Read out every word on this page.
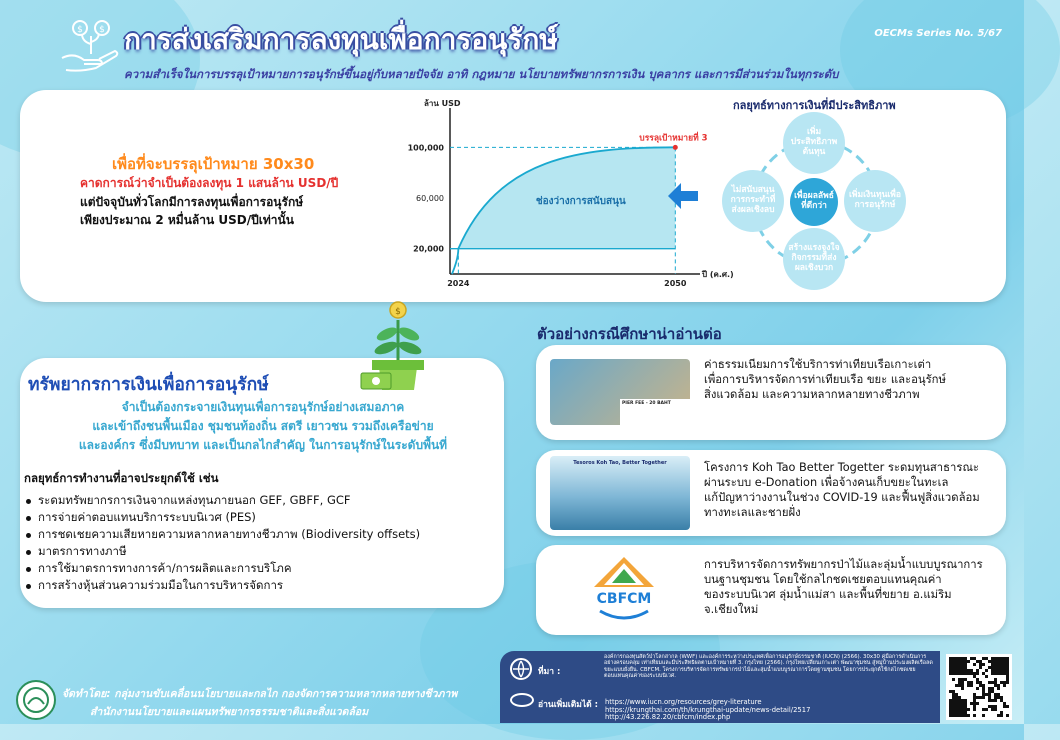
$ $ การส่งเสริมการลงทุนเพื่อการอนุรักษ์
ความสำเร็จในการบรรลุเป้าหมายการอนุรักษ์ขึ้นอยู่กับหลายปัจจัย อาทิ กฎหมาย นโยบายทรัพยากรการเงิน บุคลากร และการมีส่วนร่วมในทุกระดับ
OECMs Series No. 5/67
เพื่อที่จะบรรลุเป้าหมาย 30x30
คาดการณ์ว่าจำเป็นต้องลงทุน 1 แสนล้าน USD/ปี
แต่ปัจจุบันทั่วโลกมีการลงทุนเพื่อการอนุรักษ์
เพียงประมาณ 2 หมื่นล้าน USD/ปีเท่านั้น
ล้าน USD
ปี (ค.ศ.)
20,000
60,000
100,000
2024	2050
บรรลุเป้าหมายที่ 3
ช่องว่างการสนับสนุน
กลยุทธ์ทางการเงินที่มีประสิทธิภาพ
เพิ่มประสิทธิภาพต้นทุน
เพิ่มเงินทุนเพื่อการอนุรักษ์
สร้างแรงจูงใจกิจกรรมที่ส่งผลเชิงบวก
ไม่สนับสนุนการกระทำที่ส่งผลเชิงลบ
เพื่อผลลัพธ์ที่ดีกว่า
$
ทรัพยากรการเงินเพื่อการอนุรักษ์
จำเป็นต้องกระจายเงินทุนเพื่อการอนุรักษ์อย่างเสมอภาค
และเข้าถึงชนพื้นเมือง ชุมชนท้องถิ่น สตรี เยาวชน รวมถึงเครือข่าย
และองค์กร ซึ่งมีบทบาท และเป็นกลไกสำคัญ ในการอนุรักษ์ในระดับพื้นที่
กลยุทธ์การทำงานที่อาจประยุกต์ใช้ เช่น
ระดมทรัพยากรการเงินจากแหล่งทุนภายนอก GEF, GBFF, GCF
การจ่ายค่าตอบแทนบริการระบบนิเวศ (PES)
การชดเชยความเสียหายความหลากหลายทางชีวภาพ (Biodiversity offsets)
มาตรการทางภาษี
การใช้มาตรการทางการค้า/การผลิตและการบริโภค
การสร้างหุ้นส่วนความร่วมมือในการบริหารจัดการ
ตัวอย่างกรณีศึกษาน่าอ่านต่อ
PIER FEE - 20 BAHT
ค่าธรรมเนียมการใช้บริการท่าเทียบเรือเกาะเต่า
เพื่อการบริหารจัดการท่าเทียบเรือ ขยะ และอนุรักษ์
สิ่งแวดล้อม และความหลากหลายทางชีวภาพ
Tesoros Koh Tao, Better Together	โครงการ Koh Tao Better Togetter ระดมทุนสาธารณะ
ผ่านระบบ e-Donation เพื่อจ้างคนเก็บขยะในทะเล
แก้ปัญหาว่างงานในช่วง COVID-19 และฟื้นฟูสิ่งแวดล้อม
ทางทะเลและชายฝั่ง
CBFCM
การบริหารจัดการทรัพยากรป่าไม้และลุ่มน้ำแบบบูรณาการ
บนฐานชุมชน โดยใช้กลไกชดเชยตอบแทนคุณค่า
ของระบบนิเวศ ลุ่มน้ำแม่สา และพื้นที่ขยาย อ.แม่ริม
จ.เชียงใหม่
จัดทำโดย: กลุ่มงานขับเคลื่อนนโยบายและกลไก กองจัดการความหลากหลายทางชีวภาพ
สำนักงานนโยบายและแผนทรัพยากรธรรมชาติและสิ่งแวดล้อม
ที่มา :
องค์การกองทุนสัตว์ป่าโลกสากล (WWF) และองค์การระหว่างประเทศเพื่อการอนุรักษ์ธรรมชาติ (IUCN) (2566). 30x30 คู่มือการดำเนินการอย่างครอบคลุม เท่าเทียมและมีประสิทธิผลตามเป้าหมายที่ 3. กรุงไทย (2566). กรุงไทยเปลี่ยนเกาะเต่า พัฒนาชุมชน สู่หมู่บ้านประมงผลิตเรือลดขยะแบบยั่งยืน. CBFCM. โครงการบริหารจัดการทรัพยากรป่าไม้และลุ่มน้ำแบบบูรณาการโดยฐานชุมชน โดยการประยุกต์ใช้กลไกชดเชยตอบแทนคุณค่าของระบบนิเวศ.
อ่านเพิ่มเติมได้ : https://www.iucn.org/resources/grey-literature
https://krungthai.com/th/krungthai-update/news-detail/2517
http://43.226.82.20/cbfcm/index.php
